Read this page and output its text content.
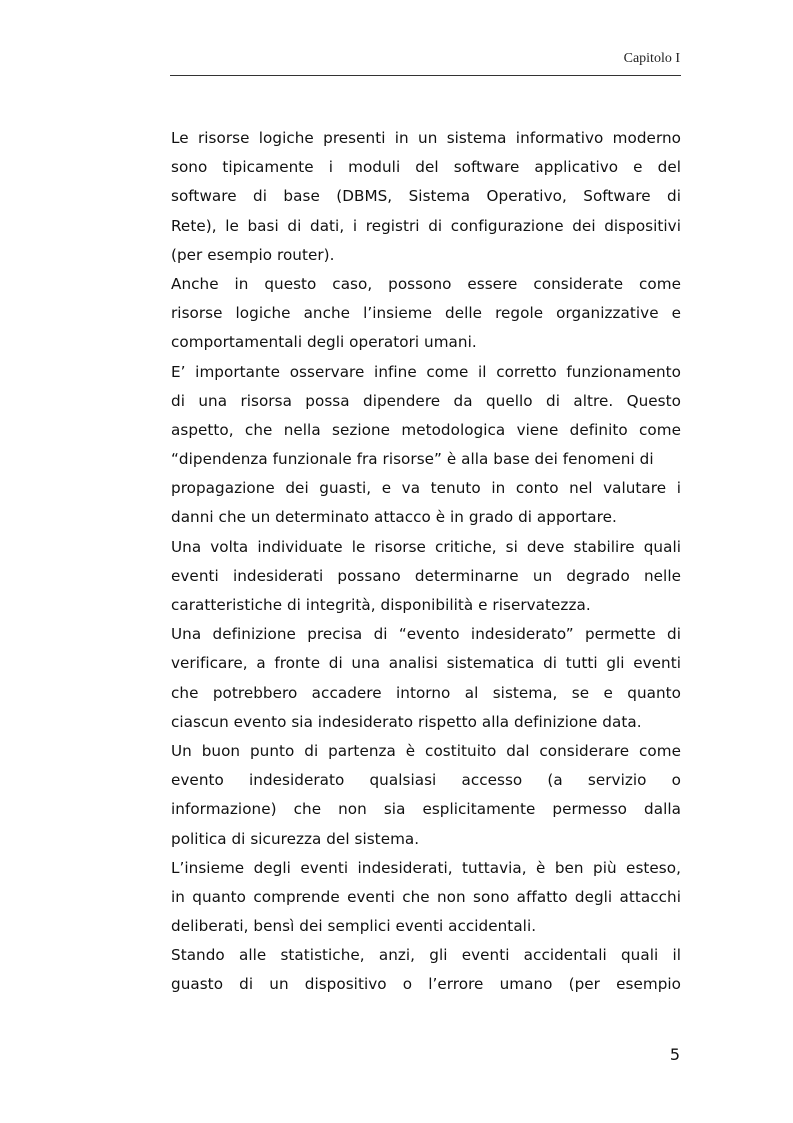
Capitolo I
Le risorse logiche presenti in un sistema informativo moderno
sono tipicamente i moduli del software applicativo e del
software di base (DBMS, Sistema Operativo, Software di
Rete), le basi di dati, i registri di configurazione dei dispositivi
(per esempio router).
Anche in questo caso, possono essere considerate come
risorse logiche anche l’insieme delle regole organizzative e
comportamentali degli operatori umani.
E’ importante osservare infine come il corretto funzionamento
di una risorsa possa dipendere da quello di altre. Questo
aspetto, che nella sezione metodologica viene definito come
“dipendenza funzionale fra risorse” è alla base dei fenomeni di
propagazione dei guasti, e va tenuto in conto nel valutare i
danni che un determinato attacco è in grado di apportare.
Una volta individuate le risorse critiche, si deve stabilire quali
eventi indesiderati possano determinarne un degrado nelle
caratteristiche di integrità, disponibilità e riservatezza.
Una definizione precisa di “evento indesiderato” permette di
verificare, a fronte di una analisi sistematica di tutti gli eventi
che potrebbero accadere intorno al sistema, se e quanto
ciascun evento sia indesiderato rispetto alla definizione data.
Un buon punto di partenza è costituito dal considerare come
evento indesiderato qualsiasi accesso (a servizio o
informazione) che non sia esplicitamente permesso dalla
politica di sicurezza del sistema.
L’insieme degli eventi indesiderati, tuttavia, è ben più esteso,
in quanto comprende eventi che non sono affatto degli attacchi
deliberati, bensì dei semplici eventi accidentali.
Stando alle statistiche, anzi, gli eventi accidentali quali il
guasto di un dispositivo o l’errore umano (per esempio
5
